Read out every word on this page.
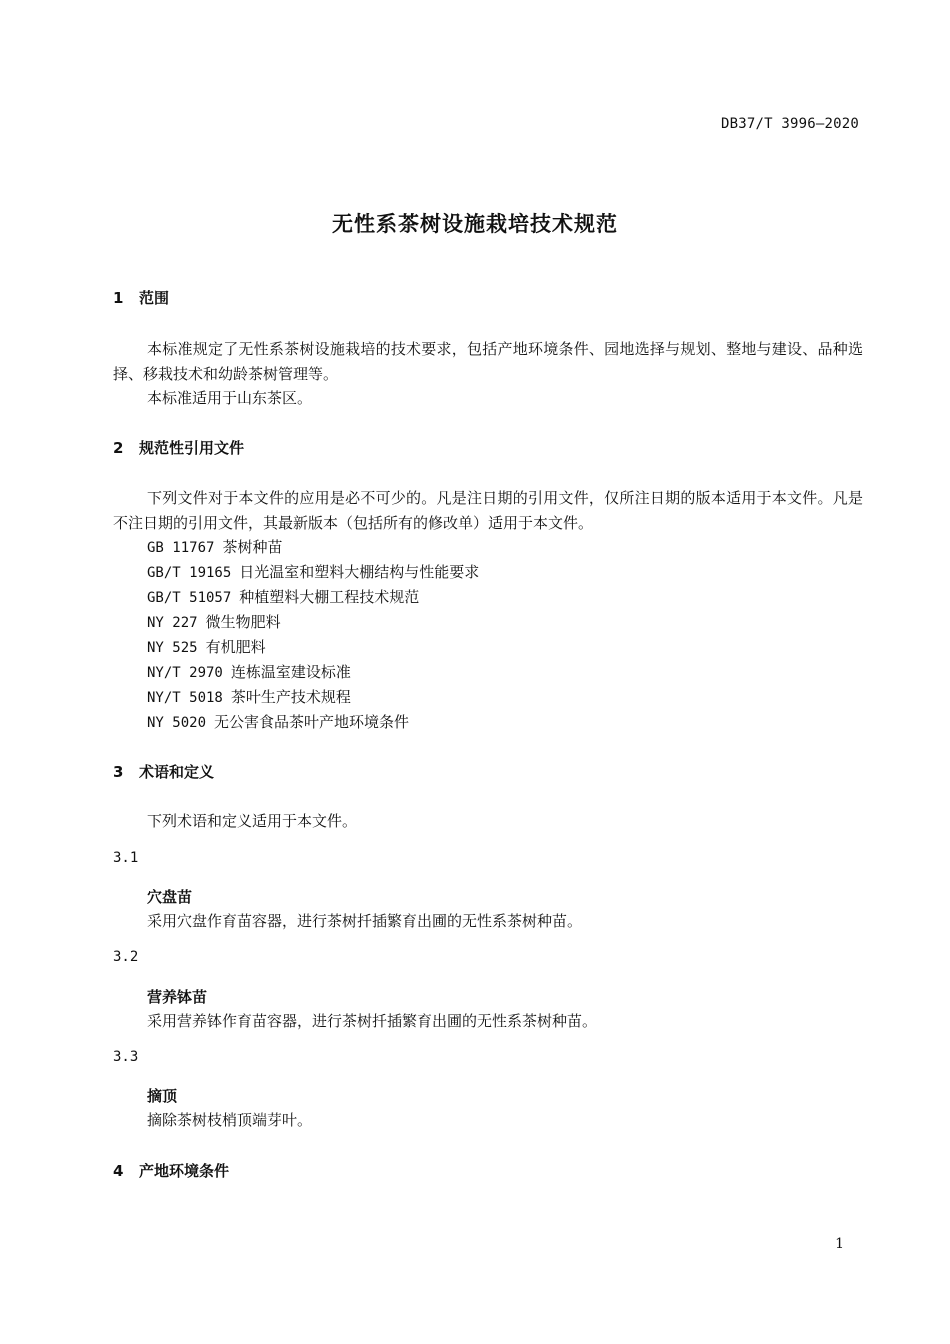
DB37/T 3996—2020
无性系茶树设施栽培技术规范
1 范围
本标准规定了无性系茶树设施栽培的技术要求，包括产地环境条件、园地选择与规划、整地与建设、品种选择、移栽技术和幼龄茶树管理等。
本标准适用于山东茶区。
2 规范性引用文件
下列文件对于本文件的应用是必不可少的。凡是注日期的引用文件，仅所注日期的版本适用于本文件。凡是不注日期的引用文件，其最新版本（包括所有的修改单）适用于本文件。
GB 11767 茶树种苗
GB/T 19165 日光温室和塑料大棚结构与性能要求
GB/T 51057 种植塑料大棚工程技术规范
NY 227 微生物肥料
NY 525 有机肥料
NY/T 2970 连栋温室建设标准
NY/T 5018 茶叶生产技术规程
NY 5020 无公害食品茶叶产地环境条件
3 术语和定义
下列术语和定义适用于本文件。
3.1
穴盘苗
采用穴盘作育苗容器，进行茶树扦插繁育出圃的无性系茶树种苗。
3.2
营养钵苗
采用营养钵作育苗容器，进行茶树扦插繁育出圃的无性系茶树种苗。
3.3
摘顶
摘除茶树枝梢顶端芽叶。
4 产地环境条件
1
